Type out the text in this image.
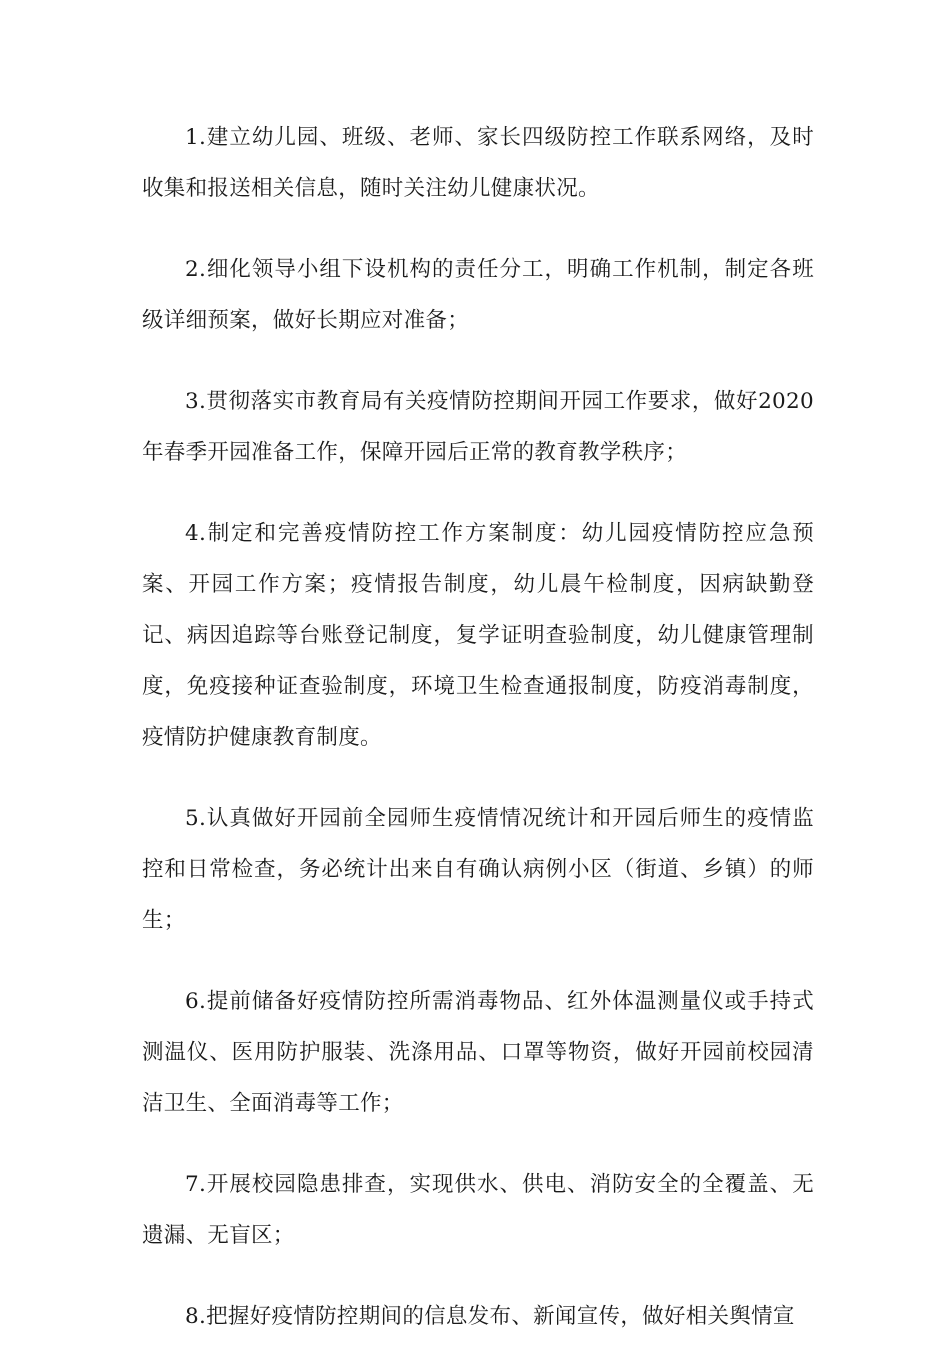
1.建立幼儿园、班级、老师、家长四级防控工作联系网络，及时收集和报送相关信息，随时关注幼儿健康状况。

2.细化领导小组下设机构的责任分工，明确工作机制，制定各班级详细预案，做好长期应对准备；

3.贯彻落实市教育局有关疫情防控期间开园工作要求，做好2020年春季开园准备工作，保障开园后正常的教育教学秩序；

4.制定和完善疫情防控工作方案制度：幼儿园疫情防控应急预案、开园工作方案；疫情报告制度，幼儿晨午检制度，因病缺勤登记、病因追踪等台账登记制度，复学证明查验制度，幼儿健康管理制度，免疫接种证查验制度，环境卫生检查通报制度，防疫消毒制度，疫情防护健康教育制度。

5.认真做好开园前全园师生疫情情况统计和开园后师生的疫情监控和日常检查，务必统计出来自有确认病例小区（街道、乡镇）的师生；

6.提前储备好疫情防控所需消毒物品、红外体温测量仪或手持式测温仪、医用防护服装、洗涤用品、口罩等物资，做好开园前校园清洁卫生、全面消毒等工作；

7.开展校园隐患排查，实现供水、供电、消防安全的全覆盖、无遗漏、无盲区；

8.把握好疫情防控期间的信息发布、新闻宣传，做好相关舆情宣
